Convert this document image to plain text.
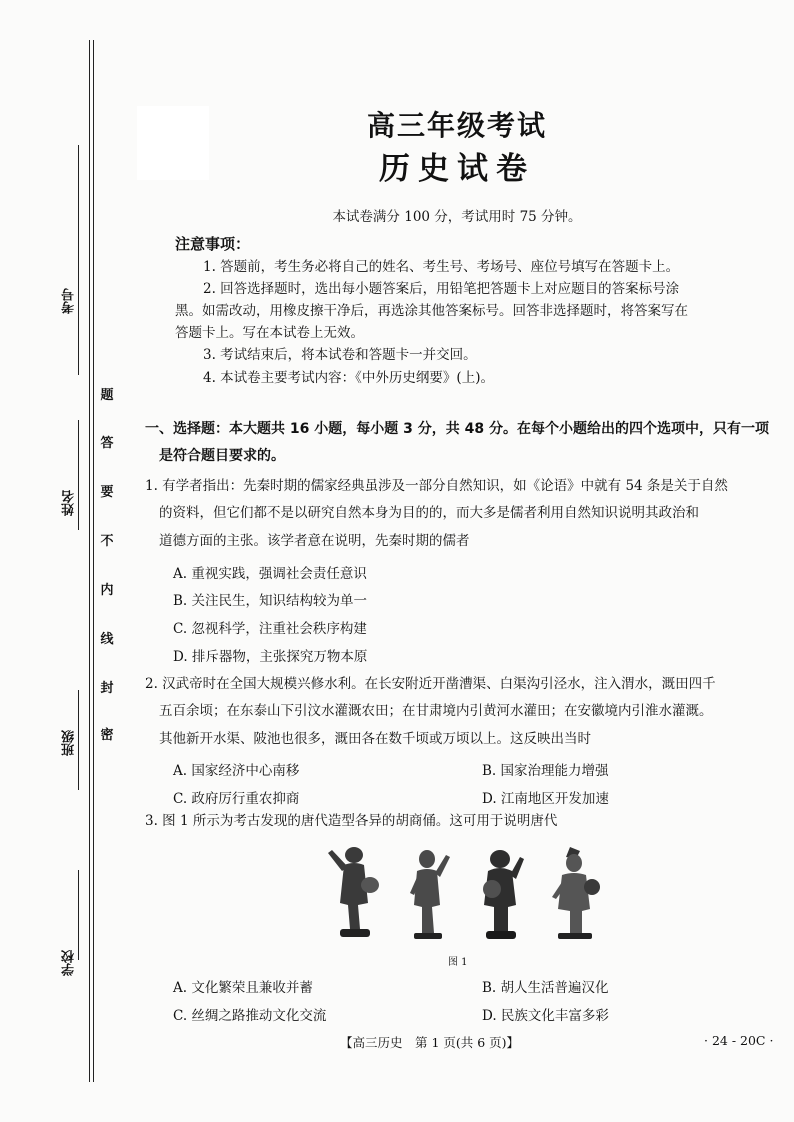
考号
姓名
班级
学校
题
答
要
不
内
线
封
密
高三年级考试
历史试卷
本试卷满分 100 分，考试用时 75 分钟。
注意事项：
1. 答题前，考生务必将自己的姓名、考生号、考场号、座位号填写在答题卡上。
2. 回答选择题时，选出每小题答案后，用铅笔把答题卡上对应题目的答案标号涂
黑。如需改动，用橡皮擦干净后，再选涂其他答案标号。回答非选择题时，将答案写在
答题卡上。写在本试卷上无效。
3. 考试结束后，将本试卷和答题卡一并交回。
4. 本试卷主要考试内容：《中外历史纲要》(上)。
一、选择题：本大题共 16 小题，每小题 3 分，共 48 分。在每个小题给出的四个选项中，只有一项
是符合题目要求的。
1. 有学者指出：先秦时期的儒家经典虽涉及一部分自然知识，如《论语》中就有 54 条是关于自然
的资料，但它们都不是以研究自然本身为目的的，而大多是儒者利用自然知识说明其政治和
道德方面的主张。该学者意在说明，先秦时期的儒者
A. 重视实践，强调社会责任意识
B. 关注民生，知识结构较为单一
C. 忽视科学，注重社会秩序构建
D. 排斥器物，主张探究万物本原
2. 汉武帝时在全国大规模兴修水利。在长安附近开凿漕渠、白渠沟引泾水，注入渭水，溉田四千
五百余顷；在东泰山下引汶水灌溉农田；在甘肃境内引黄河水灌田；在安徽境内引淮水灌溉。
其他新开水渠、陂池也很多，溉田各在数千顷或万顷以上。这反映出当时
A. 国家经济中心南移	B. 国家治理能力增强
C. 政府厉行重农抑商	D. 江南地区开发加速
3. 图 1 所示为考古发现的唐代造型各异的胡商俑。这可用于说明唐代
图 1
A. 文化繁荣且兼收并蓄	B. 胡人生活普遍汉化
C. 丝绸之路推动文化交流	D. 民族文化丰富多彩
【高三历史　第 1 页(共 6 页)】	· 24 - 20C ·
